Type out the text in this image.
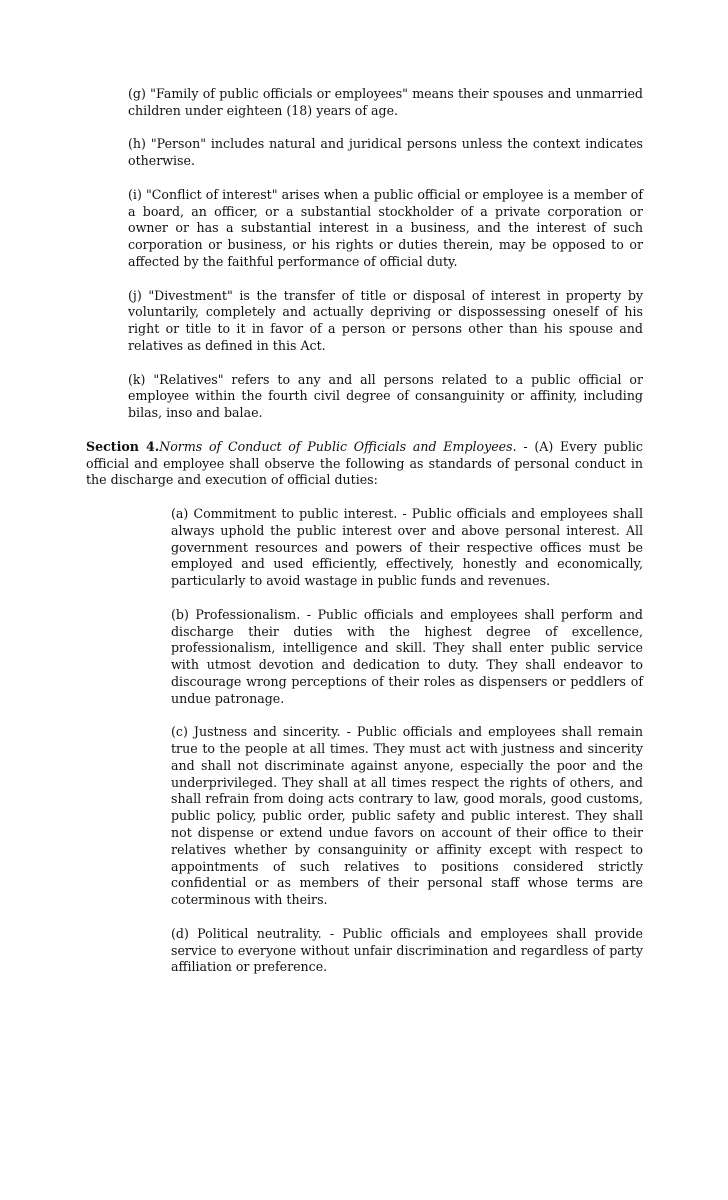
(g) "Family of public officials or employees" means their spouses and unmarried children under eighteen (18) years of age.

(h) "Person" includes natural and juridical persons unless the context indicates otherwise.

(i) "Conflict of interest" arises when a public official or employee is a member of a board, an officer, or a substantial stockholder of a private corporation or owner or has a substantial interest in a business, and the interest of such corporation or business, or his rights or duties therein, may be opposed to or affected by the faithful performance of official duty.

(j) "Divestment" is the transfer of title or disposal of interest in property by voluntarily, completely and actually depriving or dispossessing oneself of his right or title to it in favor of a person or persons other than his spouse and relatives as defined in this Act.

(k) "Relatives" refers to any and all persons related to a public official or employee within the fourth civil degree of consanguinity or affinity, including bilas, inso and balae.

Section 4.Norms of Conduct of Public Officials and Employees. - (A) Every public official and employee shall observe the following as standards of personal conduct in the discharge and execution of official duties:

(a) Commitment to public interest. - Public officials and employees shall always uphold the public interest over and above personal interest. All government resources and powers of their respective offices must be employed and used efficiently, effectively, honestly and economically, particularly to avoid wastage in public funds and revenues.

(b) Professionalism. - Public officials and employees shall perform and discharge their duties with the highest degree of excellence, professionalism, intelligence and skill. They shall enter public service with utmost devotion and dedication to duty. They shall endeavor to discourage wrong perceptions of their roles as dispensers or peddlers of undue patronage.

(c) Justness and sincerity. - Public officials and employees shall remain true to the people at all times. They must act with justness and sincerity and shall not discriminate against anyone, especially the poor and the underprivileged. They shall at all times respect the rights of others, and shall refrain from doing acts contrary to law, good morals, good customs, public policy, public order, public safety and public interest. They shall not dispense or extend undue favors on account of their office to their relatives whether by consanguinity or affinity except with respect to appointments of such relatives to positions considered strictly confidential or as members of their personal staff whose terms are coterminous with theirs.

(d) Political neutrality. - Public officials and employees shall provide service to everyone without unfair discrimination and regardless of party affiliation or preference.
